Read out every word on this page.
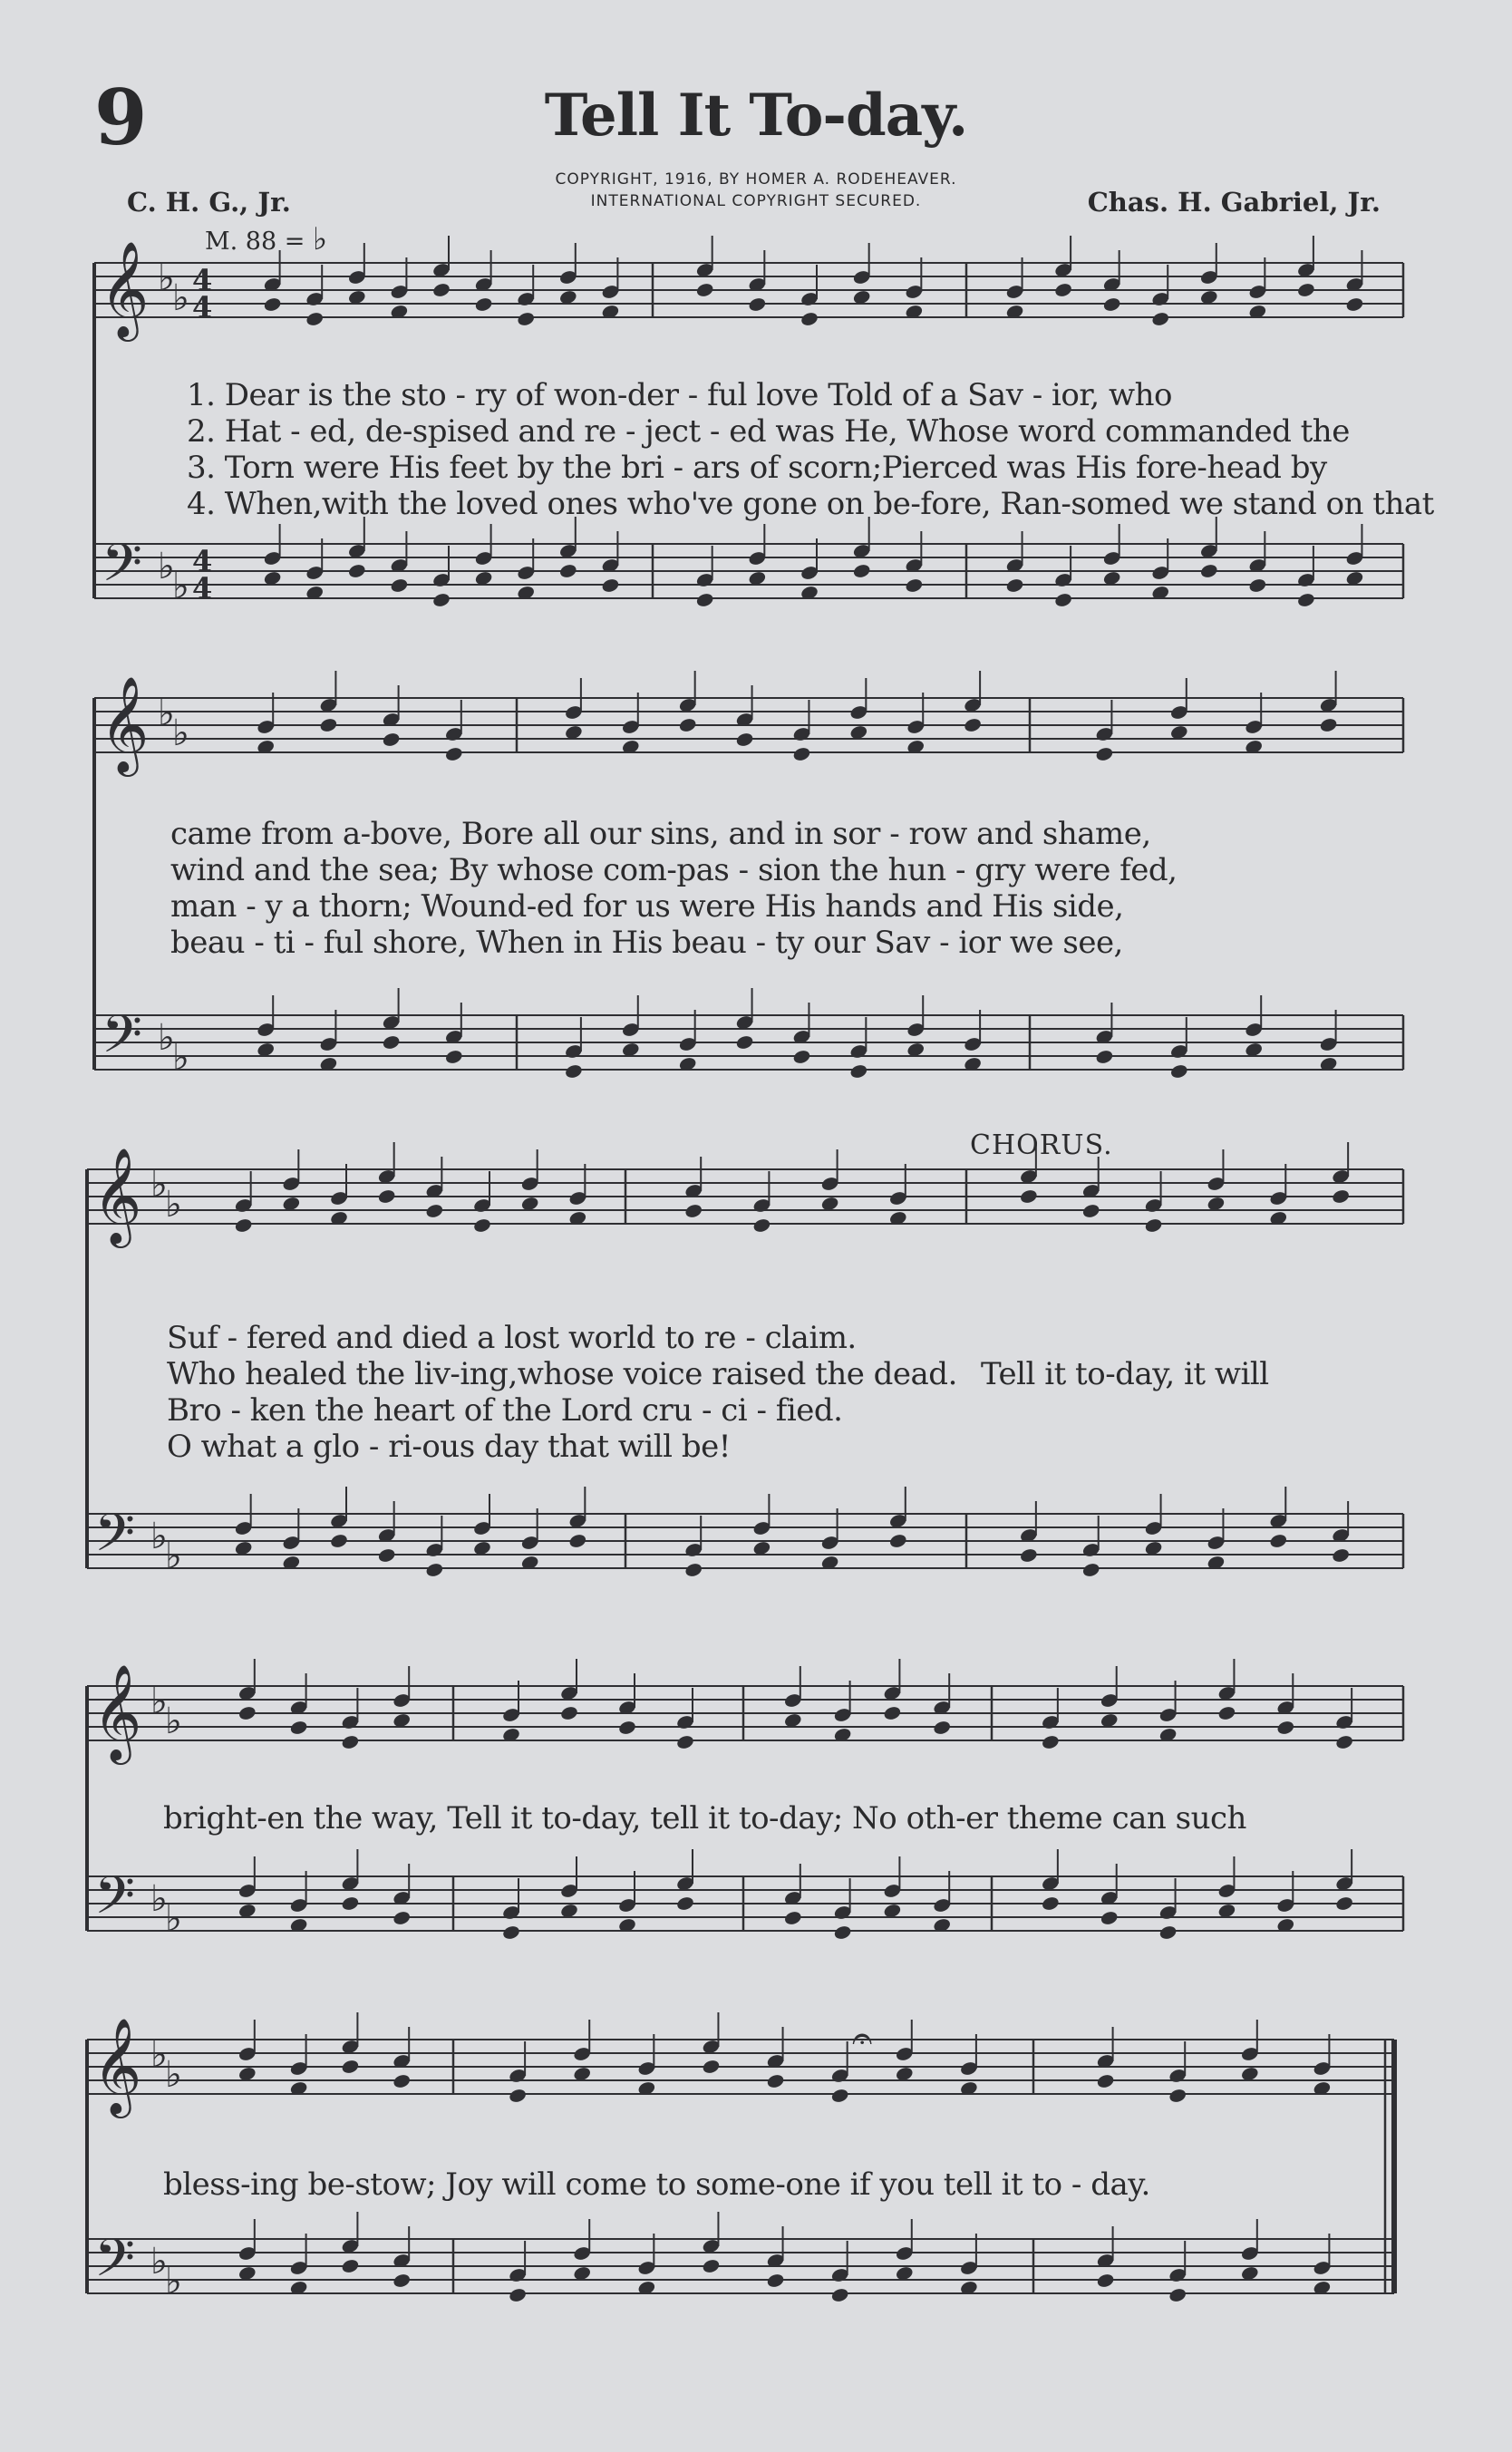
9	Tell It To-day.
COPYRIGHT, 1916, BY HOMER A. RODEHEAVER.
INTERNATIONAL COPYRIGHT SECURED.
C. H. G., Jr.	Chas. H. Gabriel, Jr.
M. 88 = ♭
𝄞
𝄢
♭
♭
♭
♭
4
4
4
4
𝄞
𝄢
♭
♭
♭
♭
𝄞
𝄢
♭
♭
♭
♭
𝄞
𝄢
♭
♭
♭
♭
𝄞
𝄢
♭
♭
♭
♭
𝄐
1. Dear is the sto - ry of won-der - ful love Told of a Sav - ior, who
2. Hat - ed, de-spised and re - ject - ed was He, Whose word commanded the
3. Torn were His feet by the bri - ars of scorn;Pierced was His fore-head by
4. When,with the loved ones who've gone on be-fore, Ran-somed we stand on that
came from a-bove, Bore all our sins, and in sor - row and shame,
wind and the sea; By whose com-pas - sion the hun - gry were fed,
man - y a thorn; Wound-ed for us were His hands and His side,
beau - ti - ful shore, When in His beau - ty our Sav - ior we see,
CHORUS.
Suf - fered and died a lost world to re - claim.
Who healed the liv-ing,whose voice raised the dead.
Bro - ken the heart of the Lord cru - ci - fied.
O what a glo - ri-ous day that will be!
Tell it to-day, it will
bright-en the way, Tell it to-day, tell it to-day; No oth-er theme can such
bless-ing be-stow; Joy will come to some-one if you tell it to - day.
